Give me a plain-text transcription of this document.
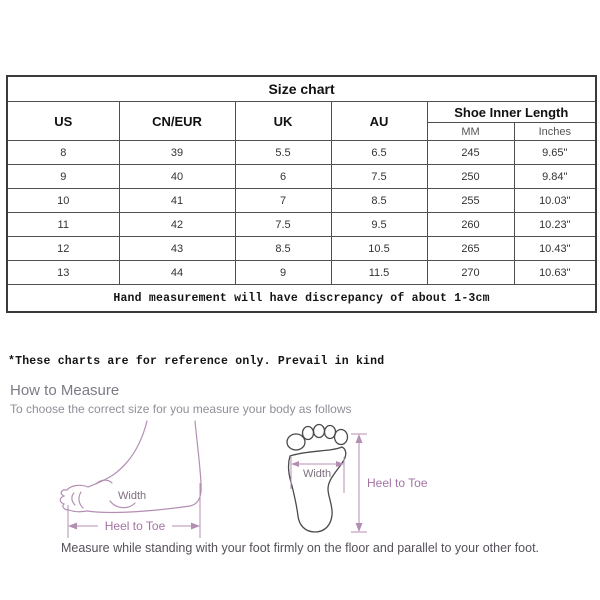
Size chart					
US	CN/EUR	UK	AU	Shoe Inner Length	
				MM	Inches
8	39	5.5	6.5	245	9.65"
9	40	6	7.5	250	9.84"
10	41	7	8.5	255	10.03"
11	42	7.5	9.5	260	10.23"
12	43	8.5	10.5	265	10.43"
13	44	9	11.5	270	10.63"
Hand measurement will have discrepancy of about 1-3cm					
*These charts are for reference only. Prevail in kind
How to Measure
To choose the correct size for you measure your body as follows
Width
Heel to Toe
Width
Heel to Toe
Measure while standing with your foot firmly on the floor and parallel to your other foot.
